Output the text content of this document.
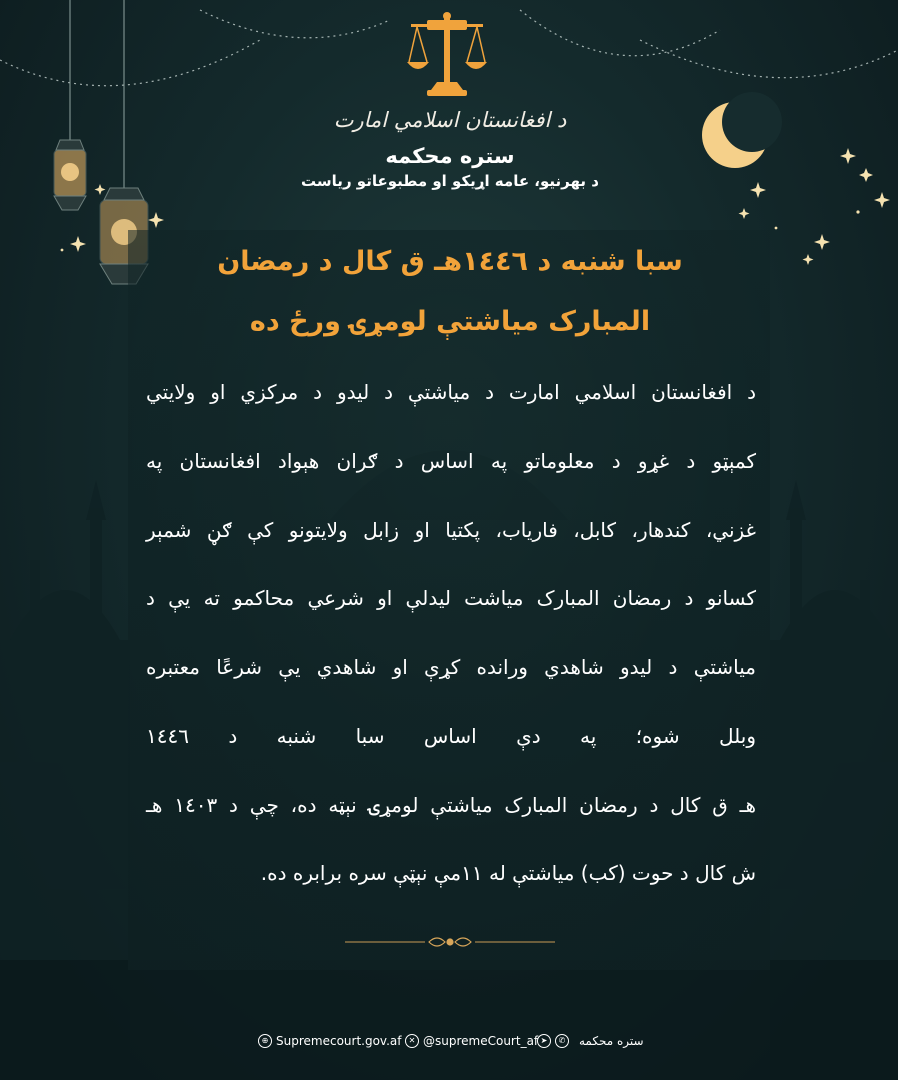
د افغانستان اسلامي امارت
ستره محکمه
د بهرنیو، عامه اړیکو او مطبوعاتو ریاست
سبا شنبه د ۱٤٤٦هـ ق کال د رمضان
المبارک میاشتې لومړۍ ورځ ده
د افغانستان اسلامي امارت د میاشتې د لیدو د مرکزي او ولایتي
کمېټو د غړو د معلوماتو په اساس د ګران هېواد افغانستان په
غزني، کندهار، کابل، فاریاب، پکتیا او زابل ولایتونو کې ګڼ شمېر
کسانو د رمضان المبارک میاشت لیدلې او شرعي محاکمو ته یې د
میاشتې د لیدو شاهدي ورانده کړې او شاهدي یې شرعًا معتبره
وبلل شوه؛ په دې اساس سبا شنبه د ۱٤٤٦
هـ ق کال د رمضان المبارک میاشتې لومړۍ نېټه ده، چې د ۱٤٠۳ هـ
ش کال د حوت (کب) میاشتې له ۱۱مې نېټې سره برابره ده.
⊕ Supremecourt.gov.af ✕ @supremeCourt_af ➤	✆	ستره محکمه
